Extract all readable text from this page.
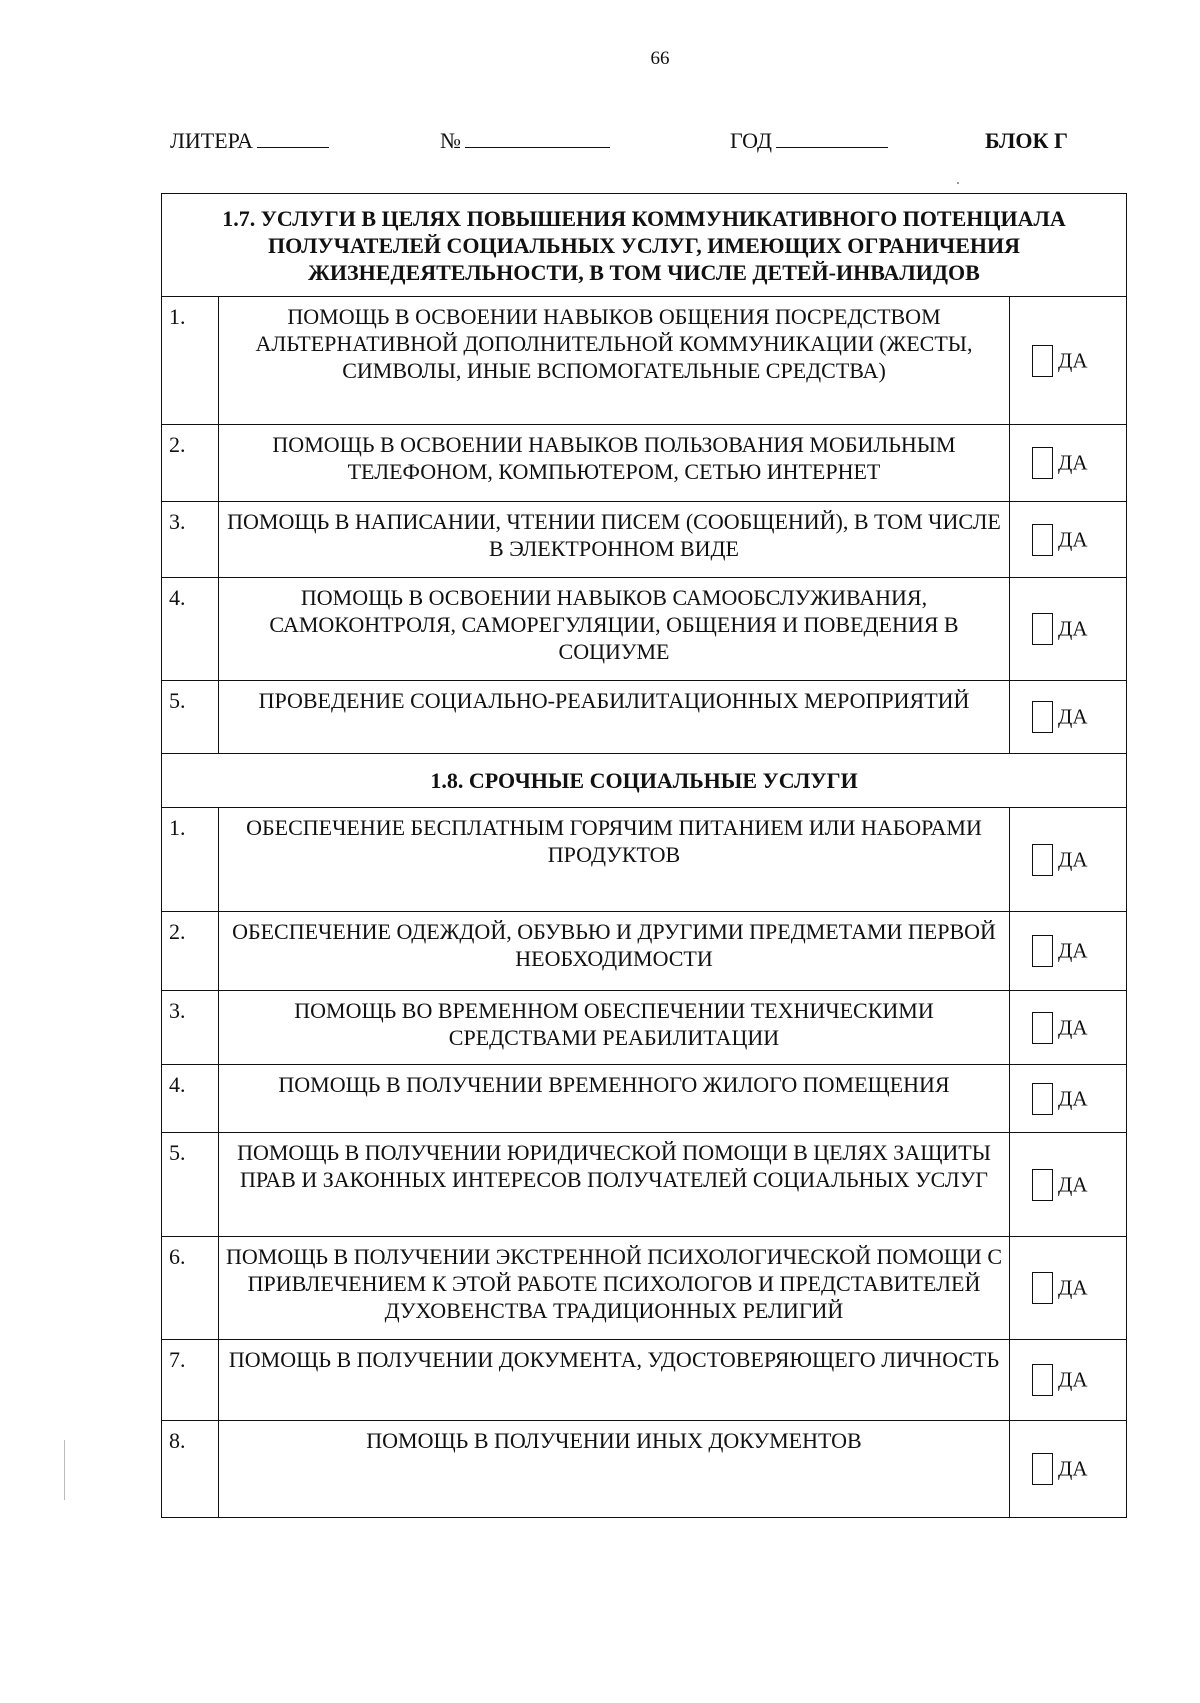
66
ЛИТЕРА	№	ГОД	БЛОК Г
1.7. УСЛУГИ В ЦЕЛЯХ ПОВЫШЕНИЯ КОММУНИКАТИВНОГО ПОТЕНЦИАЛА ПОЛУЧАТЕЛЕЙ СОЦИАЛЬНЫХ УСЛУГ, ИМЕЮЩИХ ОГРАНИЧЕНИЯ ЖИЗНЕДЕЯТЕЛЬНОСТИ, В ТОМ ЧИСЛЕ ДЕТЕЙ-ИНВАЛИДОВ		
1.	ПОМОЩЬ В ОСВОЕНИИ НАВЫКОВ ОБЩЕНИЯ ПОСРЕДСТВОМ АЛЬТЕРНАТИВНОЙ ДОПОЛНИТЕЛЬНОЙ КОММУНИКАЦИИ (ЖЕСТЫ, СИМВОЛЫ, ИНЫЕ ВСПОМОГАТЕЛЬНЫЕ СРЕДСТВА)	ДА
2.	ПОМОЩЬ В ОСВОЕНИИ НАВЫКОВ ПОЛЬЗОВАНИЯ МОБИЛЬНЫМ ТЕЛЕФОНОМ, КОМПЬЮТЕРОМ, СЕТЬЮ ИНТЕРНЕТ	ДА
3.	ПОМОЩЬ В НАПИСАНИИ, ЧТЕНИИ ПИСЕМ (СООБЩЕНИЙ), В ТОМ ЧИСЛЕ В ЭЛЕКТРОННОМ ВИДЕ	ДА
4.	ПОМОЩЬ В ОСВОЕНИИ НАВЫКОВ САМООБСЛУЖИВАНИЯ, САМОКОНТРОЛЯ, САМОРЕГУЛЯЦИИ, ОБЩЕНИЯ И ПОВЕДЕНИЯ В СОЦИУМЕ	ДА
5.	ПРОВЕДЕНИЕ СОЦИАЛЬНО-РЕАБИЛИТАЦИОННЫХ МЕРОПРИЯТИЙ	ДА
1.8. СРОЧНЫЕ СОЦИАЛЬНЫЕ УСЛУГИ		
1.	ОБЕСПЕЧЕНИЕ БЕСПЛАТНЫМ ГОРЯЧИМ ПИТАНИЕМ ИЛИ НАБОРАМИ ПРОДУКТОВ	ДА
2.	ОБЕСПЕЧЕНИЕ ОДЕЖДОЙ, ОБУВЬЮ И ДРУГИМИ ПРЕДМЕТАМИ ПЕРВОЙ НЕОБХОДИМОСТИ	ДА
3.	ПОМОЩЬ ВО ВРЕМЕННОМ ОБЕСПЕЧЕНИИ ТЕХНИЧЕСКИМИ СРЕДСТВАМИ РЕАБИЛИТАЦИИ	ДА
4.	ПОМОЩЬ В ПОЛУЧЕНИИ ВРЕМЕННОГО ЖИЛОГО ПОМЕЩЕНИЯ	ДА
5.	ПОМОЩЬ В ПОЛУЧЕНИИ ЮРИДИЧЕСКОЙ ПОМОЩИ В ЦЕЛЯХ ЗАЩИТЫ ПРАВ И ЗАКОННЫХ ИНТЕРЕСОВ ПОЛУЧАТЕЛЕЙ СОЦИАЛЬНЫХ УСЛУГ	ДА
6.	ПОМОЩЬ В ПОЛУЧЕНИИ ЭКСТРЕННОЙ ПСИХОЛОГИЧЕСКОЙ ПОМОЩИ С ПРИВЛЕЧЕНИЕМ К ЭТОЙ РАБОТЕ ПСИХОЛОГОВ И ПРЕДСТАВИТЕЛЕЙ ДУХОВЕНСТВА ТРАДИЦИОННЫХ РЕЛИГИЙ	ДА
7.	ПОМОЩЬ В ПОЛУЧЕНИИ ДОКУМЕНТА, УДОСТОВЕРЯЮЩЕГО ЛИЧНОСТЬ	ДА
8.	ПОМОЩЬ В ПОЛУЧЕНИИ ИНЫХ ДОКУМЕНТОВ	ДА
